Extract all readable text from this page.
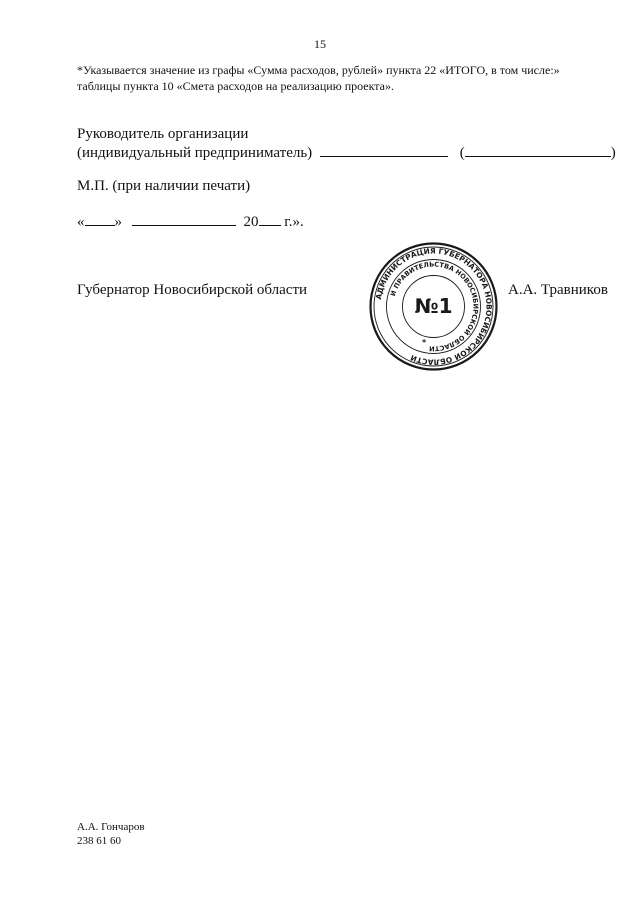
15
*Указывается значение из графы «Сумма расходов, рублей» пункта 22 «ИТОГО, в том числе:»
таблицы пункта 10 «Смета расходов на реализацию проекта».
Руководитель организации
(индивидуальный предприниматель)	(	)
М.П. (при наличии печати)
« »	20 г.».
Губернатор Новосибирской области	А.А. Травников
АДМИНИСТРАЦИЯ ГУБЕРНАТОРА НОВОСИБИРСКОЙ ОБЛАСТИ
И ПРАВИТЕЛЬСТВА НОВОСИБИРСКОЙ ОБЛАСТИ
№1
*
А.А. Гончаров
238 61 60
